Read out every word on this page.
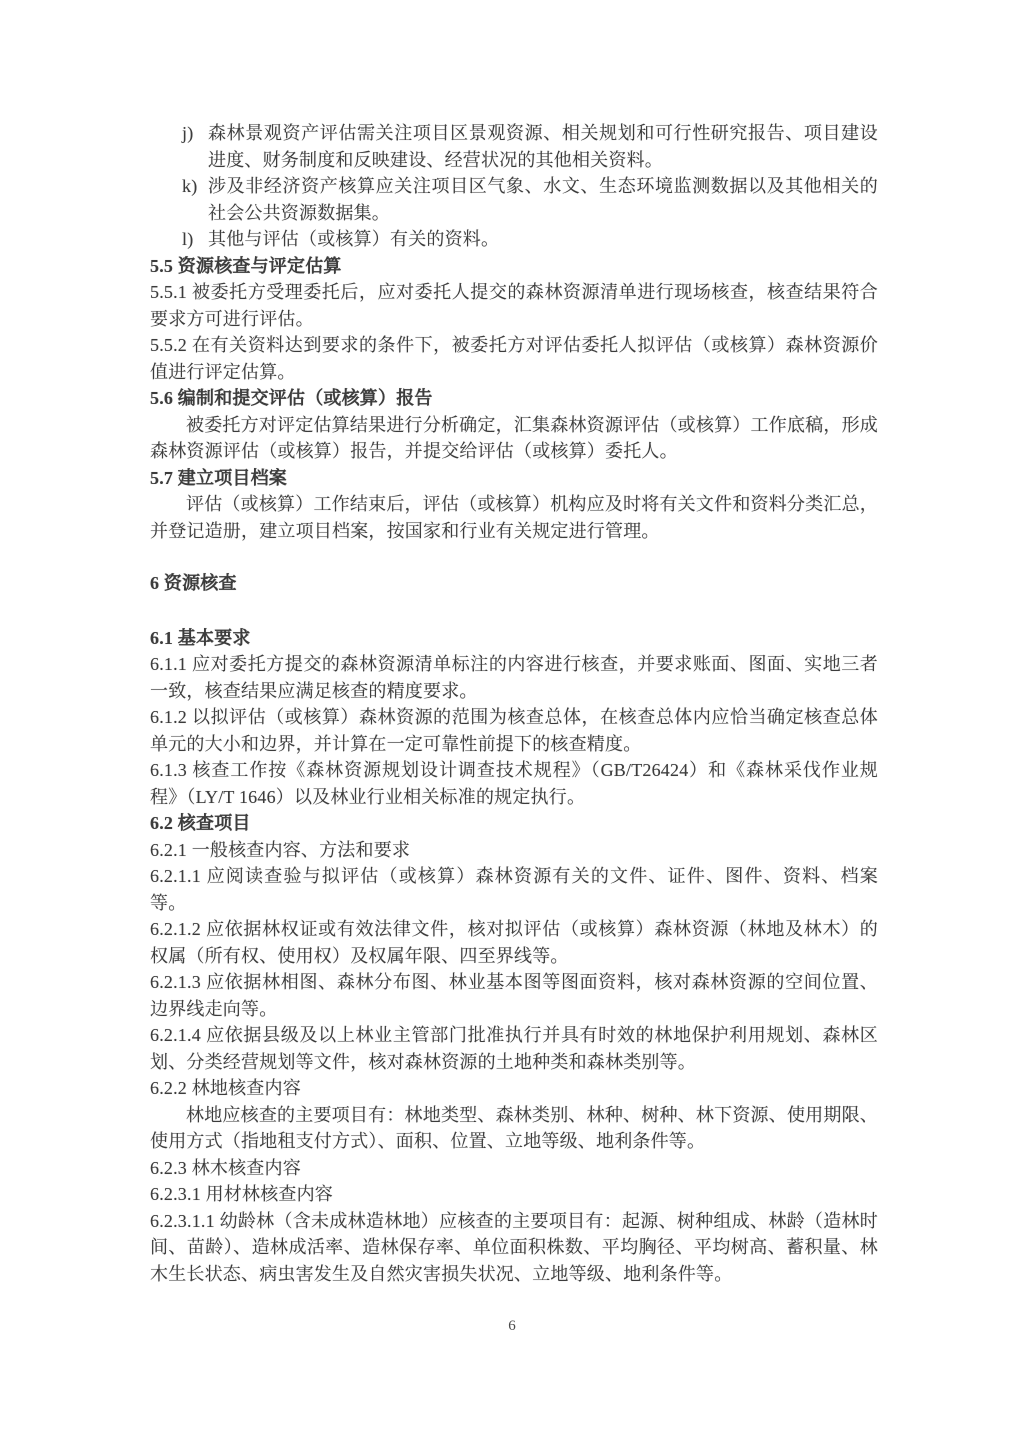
j) 森林景观资产评估需关注项目区景观资源、相关规划和可行性研究报告、项目建设进度、财务制度和反映建设、经营状况的其他相关资料。
k) 涉及非经济资产核算应关注项目区气象、水文、生态环境监测数据以及其他相关的社会公共资源数据集。
l) 其他与评估（或核算）有关的资料。

5.5 资源核查与评定估算

5.5.1 被委托方受理委托后，应对委托人提交的森林资源清单进行现场核查，核查结果符合要求方可进行评估。

5.5.2 在有关资料达到要求的条件下，被委托方对评估委托人拟评估（或核算）森林资源价值进行评定估算。

5.6 编制和提交评估（或核算）报告

被委托方对评定估算结果进行分析确定，汇集森林资源评估（或核算）工作底稿，形成森林资源评估（或核算）报告，并提交给评估（或核算）委托人。

5.7 建立项目档案

评估（或核算）工作结束后，评估（或核算）机构应及时将有关文件和资料分类汇总，并登记造册，建立项目档案，按国家和行业有关规定进行管理。

6 资源核查

6.1 基本要求

6.1.1 应对委托方提交的森林资源清单标注的内容进行核查，并要求账面、图面、实地三者一致，核查结果应满足核查的精度要求。

6.1.2 以拟评估（或核算）森林资源的范围为核查总体，在核查总体内应恰当确定核查总体单元的大小和边界，并计算在一定可靠性前提下的核查精度。

6.1.3 核查工作按《森林资源规划设计调查技术规程》（GB/T26424）和《森林采伐作业规程》（LY/T 1646）以及林业行业相关标准的规定执行。

6.2 核查项目

6.2.1 一般核查内容、方法和要求

6.2.1.1 应阅读查验与拟评估（或核算）森林资源有关的文件、证件、图件、资料、档案等。

6.2.1.2 应依据林权证或有效法律文件，核对拟评估（或核算）森林资源（林地及林木）的权属（所有权、使用权）及权属年限、四至界线等。

6.2.1.3 应依据林相图、森林分布图、林业基本图等图面资料，核对森林资源的空间位置、边界线走向等。

6.2.1.4 应依据县级及以上林业主管部门批准执行并具有时效的林地保护利用规划、森林区划、分类经营规划等文件，核对森林资源的土地种类和森林类别等。

6.2.2 林地核查内容

林地应核查的主要项目有：林地类型、森林类别、林种、树种、林下资源、使用期限、使用方式（指地租支付方式）、面积、位置、立地等级、地利条件等。

6.2.3 林木核查内容

6.2.3.1 用材林核查内容

6.2.3.1.1 幼龄林（含未成林造林地）应核查的主要项目有：起源、树种组成、林龄（造林时间、苗龄）、造林成活率、造林保存率、单位面积株数、平均胸径、平均树高、蓄积量、林木生长状态、病虫害发生及自然灾害损失状况、立地等级、地利条件等。

6
